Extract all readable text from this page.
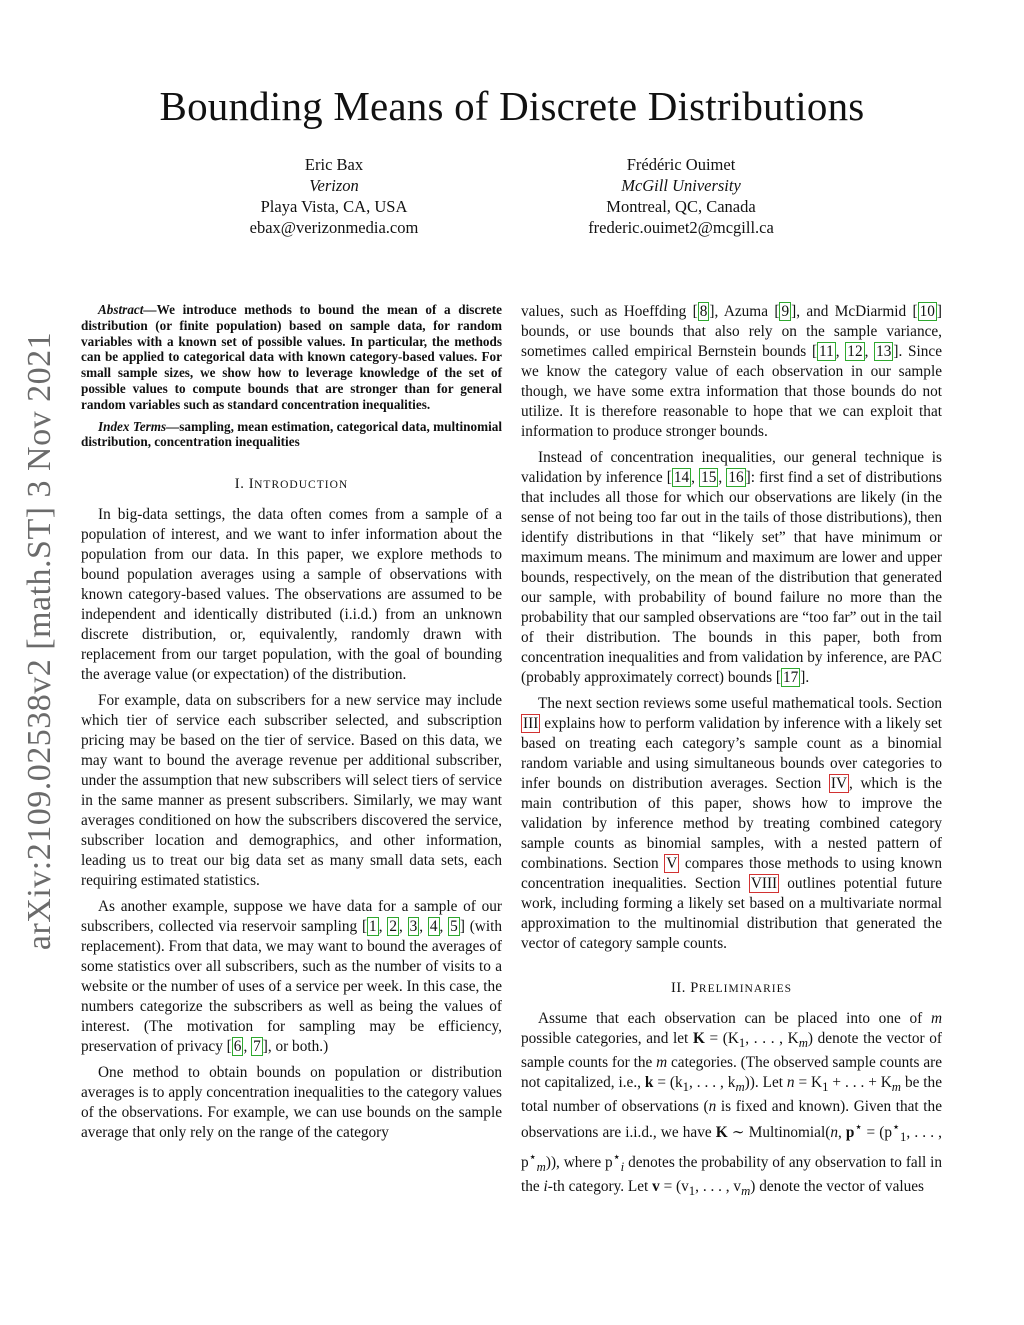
Bounding Means of Discrete Distributions
Eric Bax
Verizon
Playa Vista, CA, USA
ebax@verizonmedia.com
Frédéric Ouimet
McGill University
Montreal, QC, Canada
frederic.ouimet2@mcgill.ca
arXiv:2109.02538v2 [math.ST] 3 Nov 2021
Abstract—We introduce methods to bound the mean of a discrete distribution (or finite population) based on sample data, for random variables with a known set of possible values. In particular, the methods can be applied to categorical data with known category-based values. For small sample sizes, we show how to leverage knowledge of the set of possible values to compute bounds that are stronger than for general random variables such as standard concentration inequalities.
Index Terms—sampling, mean estimation, categorical data, multinomial distribution, concentration inequalities
I. INTRODUCTION

In big-data settings, the data often comes from a sample of a population of interest, and we want to infer information about the population from our data. In this paper, we explore methods to bound population averages using a sample of observations with known category-based values. The observations are assumed to be independent and identically distributed (i.i.d.) from an unknown discrete distribution, or, equivalently, randomly drawn with replacement from our target population, with the goal of bounding the average value (or expectation) of the distribution.

For example, data on subscribers for a new service may include which tier of service each subscriber selected, and subscription pricing may be based on the tier of service. Based on this data, we may want to bound the average revenue per additional subscriber, under the assumption that new subscribers will select tiers of service in the same manner as present subscribers. Similarly, we may want averages conditioned on how the subscribers discovered the service, subscriber location and demographics, and other information, leading us to treat our big data set as many small data sets, each requiring estimated statistics.

As another example, suppose we have data for a sample of our subscribers, collected via reservoir sampling [ 1 , 2 , 3 , 4 , 5 ] (with replacement). From that data, we may want to bound the averages of some statistics over all subscribers, such as the number of visits to a website or the number of uses of a service per week. In this case, the numbers categorize the subscribers as well as being the values of interest. (The motivation for sampling may be efficiency, preservation of privacy [ 6 , 7 ], or both.)

One method to obtain bounds on population or distribution averages is to apply concentration inequalities to the category values of the observations. For example, we can use bounds on the sample average that only rely on the range of the category

values, such as Hoeffding [ 8 ], Azuma [ 9 ], and McDiarmid [ 10 ] bounds, or use bounds that also rely on the sample variance, sometimes called empirical Bernstein bounds [ 11 , 12 , 13 ]. Since we know the category value of each observation in our sample though, we have some extra information that those bounds do not utilize. It is therefore reasonable to hope that we can exploit that information to produce stronger bounds.

Instead of concentration inequalities, our general technique is validation by inference [ 14 , 15 , 16 ]: first find a set of distributions that includes all those for which our observations are likely (in the sense of not being too far out in the tails of those distributions), then identify distributions in that “likely set” that have minimum or maximum means. The minimum and maximum are lower and upper bounds, respectively, on the mean of the distribution that generated our sample, with probability of bound failure no more than the probability that our sampled observations are “too far” out in the tail of their distribution. The bounds in this paper, both from concentration inequalities and from validation by inference, are PAC (probably approximately correct) bounds [ 17 ].

The next section reviews some useful mathematical tools. Section III explains how to perform validation by inference with a likely set based on treating each category’s sample count as a binomial random variable and using simultaneous bounds over categories to infer bounds on distribution averages. Section IV , which is the main contribution of this paper, shows how to improve the validation by inference method by treating combined category sample counts as binomial samples, with a nested pattern of combinations. Section V compares those methods to using known concentration inequalities. Section VIII outlines potential future work, including forming a likely set based on a multivariate normal approximation to the multinomial distribution that generated the vector of category sample counts.

II. PRELIMINARIES

Assume that each observation can be placed into one of m possible categories, and let $K = (K_1$, . . . , $K_m$) denote the vector of sample counts for the m categories. (The observed sample counts are not capitalized, i.e., $k = (k_1$, . . . , $k_m$)). Let $n = K_1$ + . . . + $K_m$ be the total number of observations (n is fixed and known). Given that the observations are i.i.d., we have K ∼ Multinomial(n, $p^⋆ = (p^⋆_1$, . . . , $p^⋆_m$)), where $p^⋆_i$ denotes the probability of any observation to fall in the i-th category. Let $v = (v_1$, . . . , $v_m$) denote the vector of values
